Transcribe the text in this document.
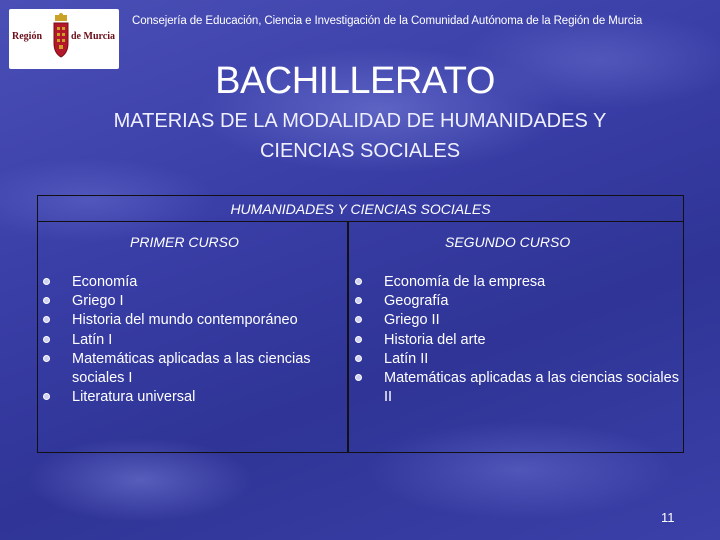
Región	de Murcia
Consejería de Educación, Ciencia e Investigación de la Comunidad Autónoma de la Región de Murcia
BACHILLERATO
MATERIAS DE LA MODALIDAD DE HUMANIDADES Y
CIENCIAS SOCIALES
HUMANIDADES Y CIENCIAS SOCIALES
PRIMER CURSO	SEGUNDO CURSO
Economía
Griego I
Historia del mundo contemporáneo
Latín I
Matemáticas aplicadas a las ciencias sociales I
Literatura universal
Economía de la empresa
Geografía
Griego II
Historia del arte
Latín II
Matemáticas aplicadas a las ciencias sociales II
11
